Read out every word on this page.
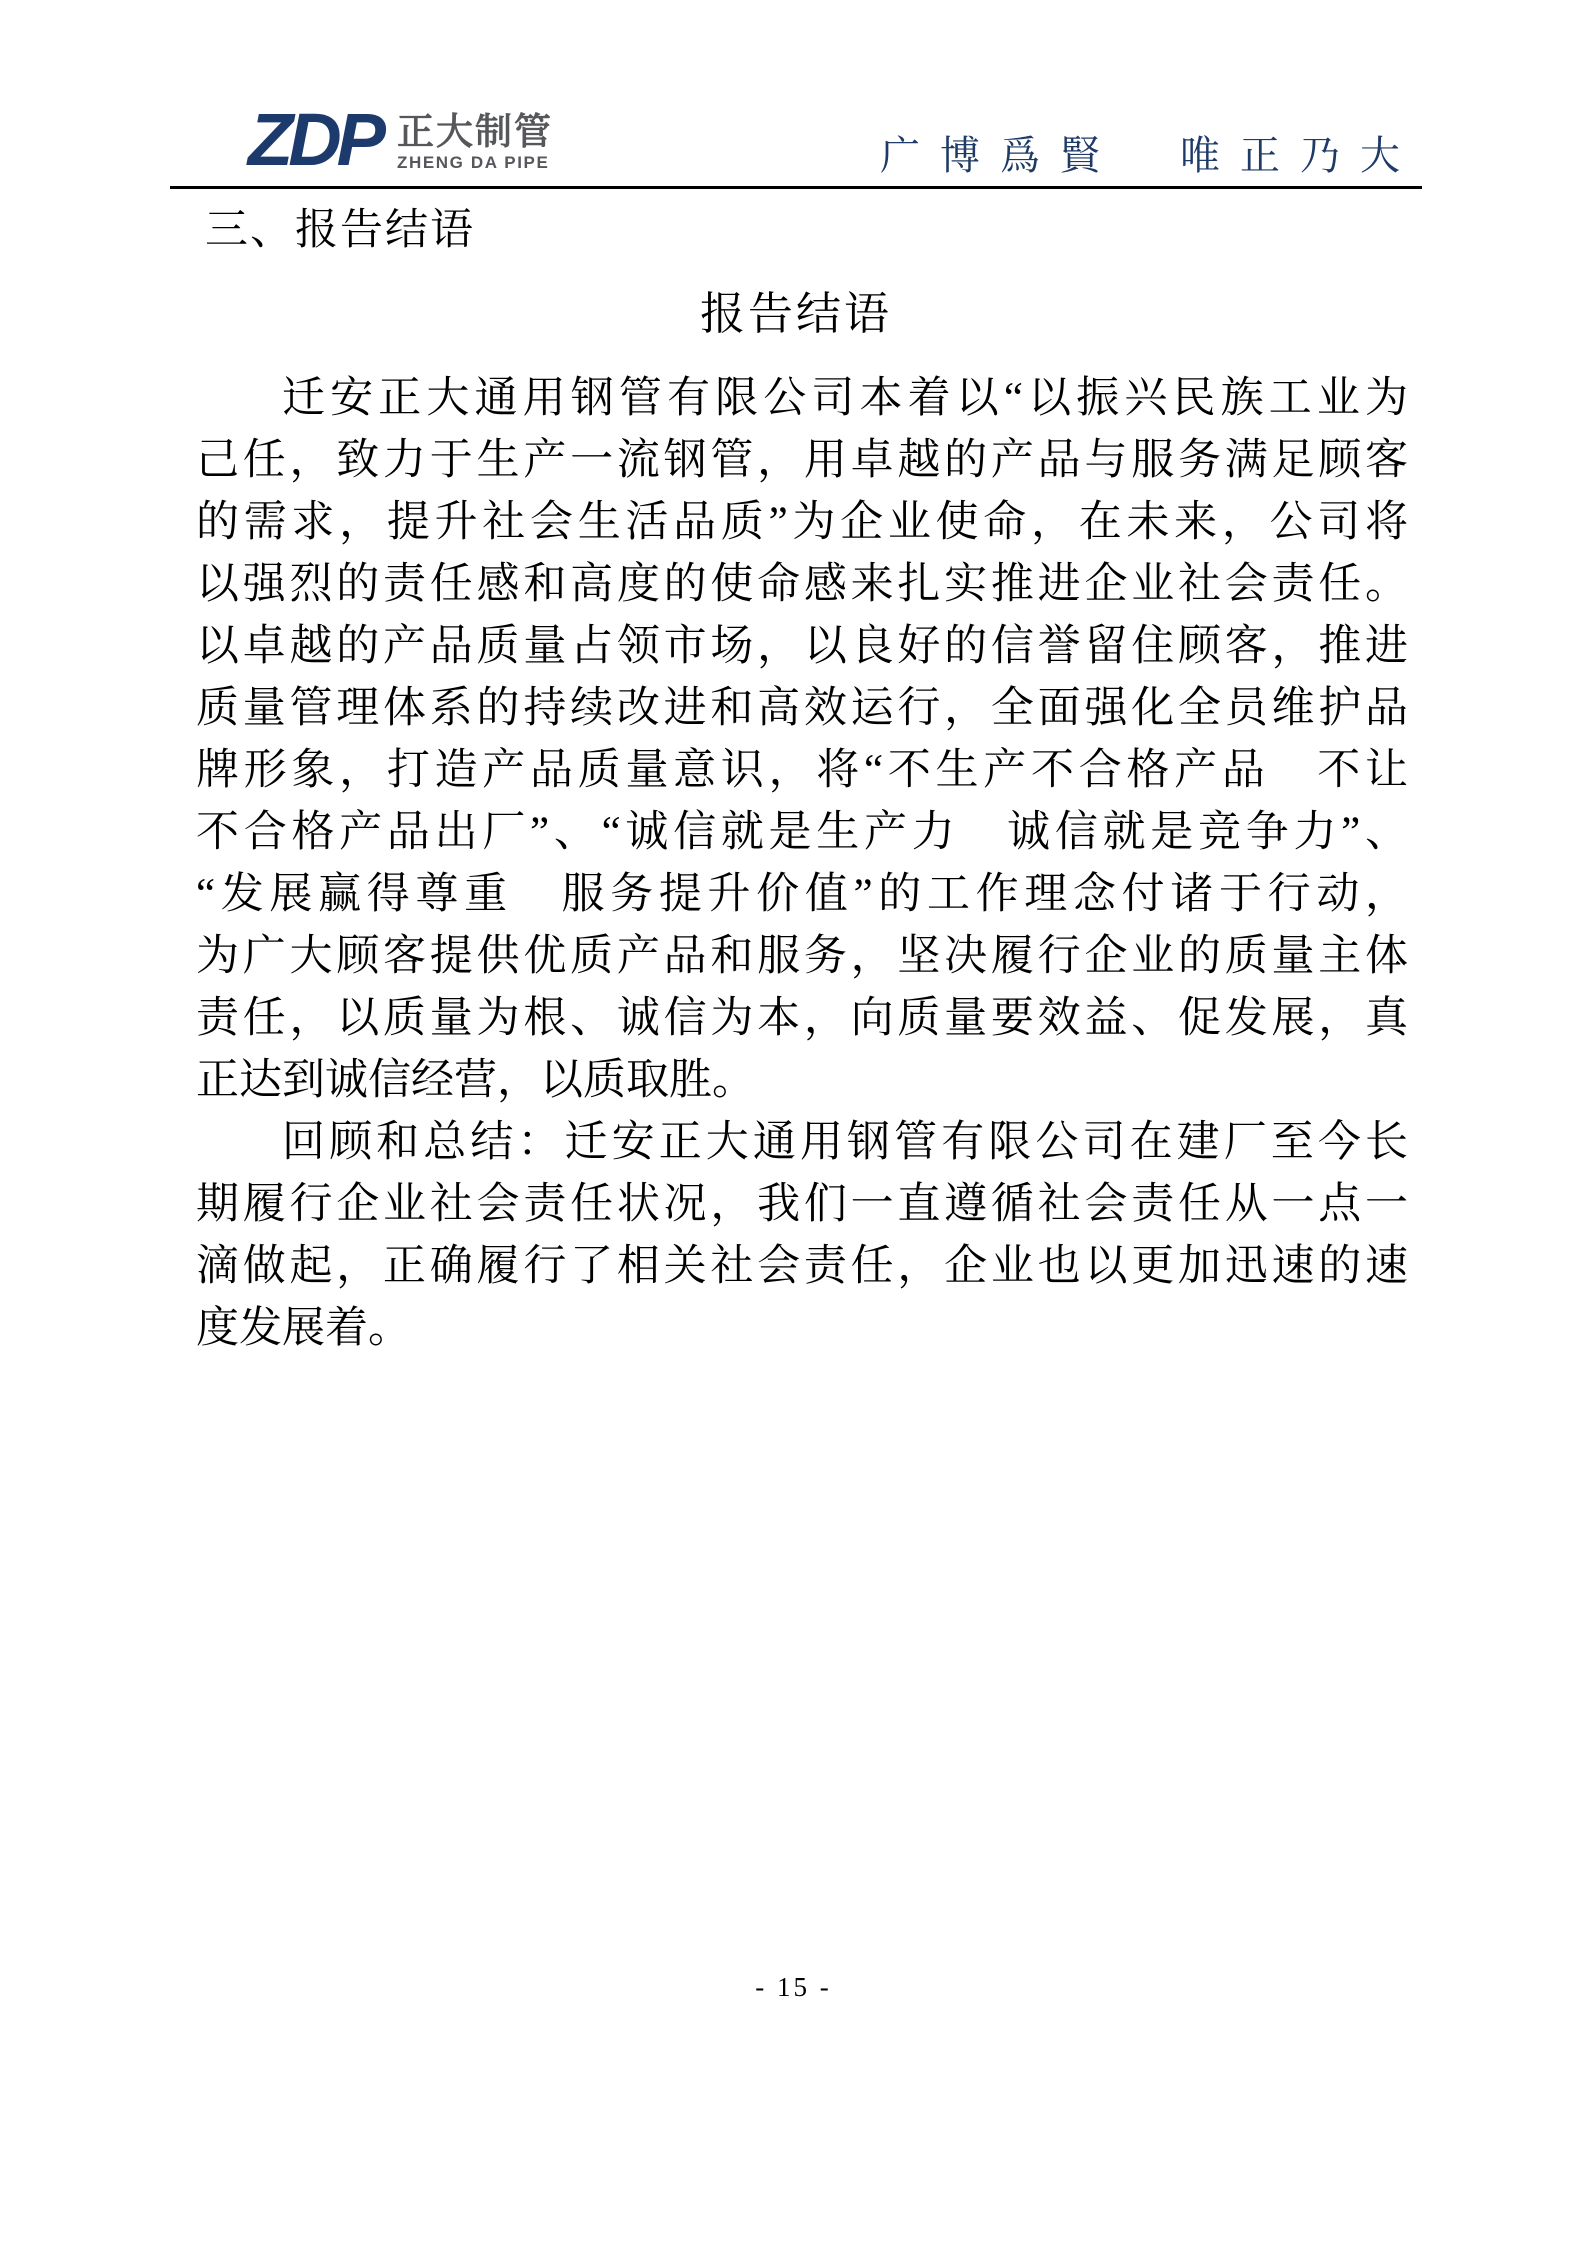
ZDP 正大制管
ZHENG DA PIPE	广博爲賢　唯正乃大
三、报告结语
报告结语
迁安正大通用钢管有限公司本着以“以振兴民族工业为
己任，致力于生产一流钢管，用卓越的产品与服务满足顾客
的需求，提升社会生活品质”为企业使命，在未来，公司将
以强烈的责任感和高度的使命感来扎实推进企业社会责任。
以卓越的产品质量占领市场，以良好的信誉留住顾客，推进
质量管理体系的持续改进和高效运行，全面强化全员维护品
牌形象，打造产品质量意识，将“不生产不合格产品　不让
不合格产品出厂”、“诚信就是生产力　诚信就是竞争力”、
“发展赢得尊重　服务提升价值”的工作理念付诸于行动，
为广大顾客提供优质产品和服务，坚决履行企业的质量主体
责任，以质量为根、诚信为本，向质量要效益、促发展，真
正达到诚信经营，以质取胜。
回顾和总结：迁安正大通用钢管有限公司在建厂至今长
期履行企业社会责任状况，我们一直遵循社会责任从一点一
滴做起，正确履行了相关社会责任，企业也以更加迅速的速
度发展着。
- 15 -
